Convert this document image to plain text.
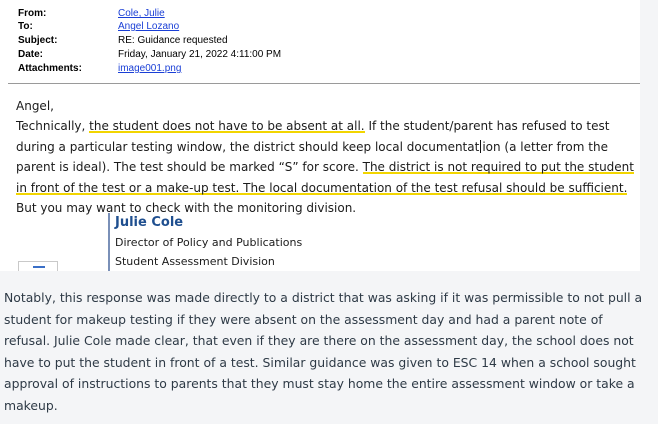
From:	Cole, Julie
To:	Angel Lozano
Subject:	RE: Guidance requested
Date:	Friday, January 21, 2022 4:11:00 PM
Attachments:	image001.png
Angel,
Technically, the student does not have to be absent at all. If the student/parent has refused to test during a particular testing window, the district should keep local documentat ion (a letter from the parent is ideal). The test should be marked “S” for score. The district is not required to put the student in front of the test or a make-up test. The local documentation of the test refusal should be sufficient. But you may want to check with the monitoring division.
Julie Cole
Director of Policy and Publications
Student Assessment Division
Notably, this response was made directly to a district that was asking if it was permissible to not pull a student for makeup testing if they were absent on the assessment day and had a parent note of refusal. Julie Cole made clear, that even if they are there on the assessment day, the school does not have to put the student in front of a test. Similar guidance was given to ESC 14 when a school sought approval of instructions to parents that they must stay home the entire assessment window or take a makeup.
